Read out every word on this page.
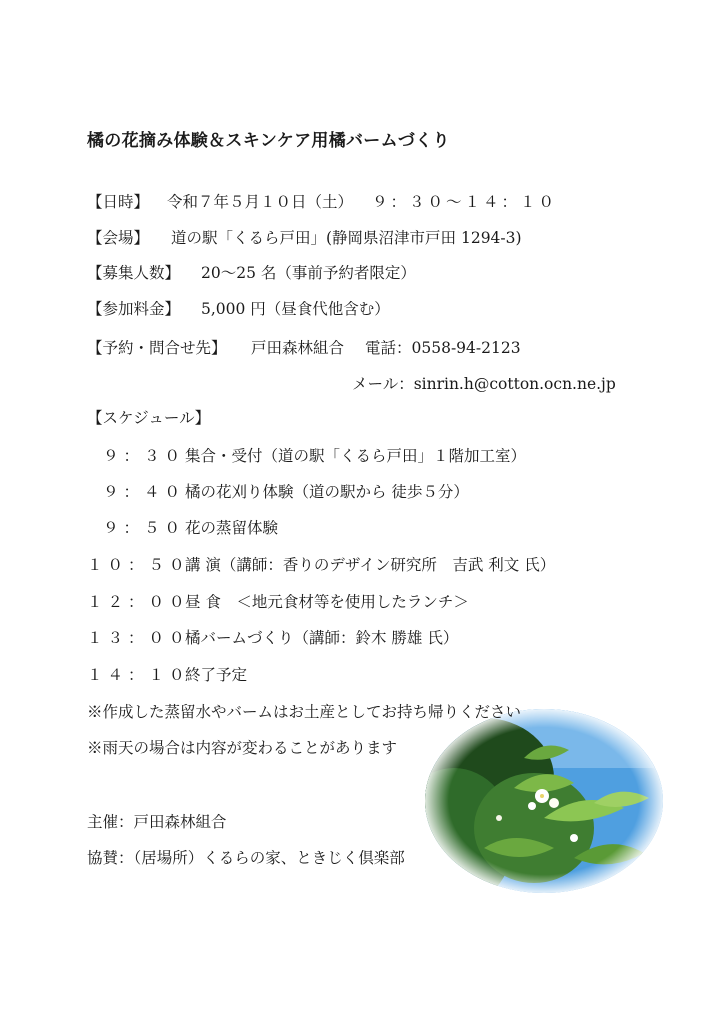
橘の花摘み体験＆スキンケア用橘バームづくり
【日時】 令和７年５月１０日（土） ９：３０〜１４：１０
【会場】 道の駅「くるら戸田」(静岡県沼津市戸田 1294-3)
【募集人数】 20〜25 名（事前予約者限定）
【参加料金】 5,000 円（昼食代他含む）
【予約・問合せ先】 戸田森林組合 電話：0558-94-2123
メール：sinrin.h@cotton.ocn.ne.jp
【スケジュール】
９：３０集合・受付（道の駅「くるら戸田」１階加工室）
９：４０橘の花刈り体験（道の駅から 徒歩５分）
９：５０花の蒸留体験
１０：５０講 演（講師：香りのデザイン研究所　吉武 利文 氏）
１２：００昼 食　＜地元食材等を使用したランチ＞
１３：００橘バームづくり（講師：鈴木 勝雄 氏）
１４：１０終了予定
※作成した蒸留水やバームはお土産としてお持ち帰りください
※雨天の場合は内容が変わることがあります
主催：戸田森林組合
協賛：（居場所）くるらの家、ときじく倶楽部
